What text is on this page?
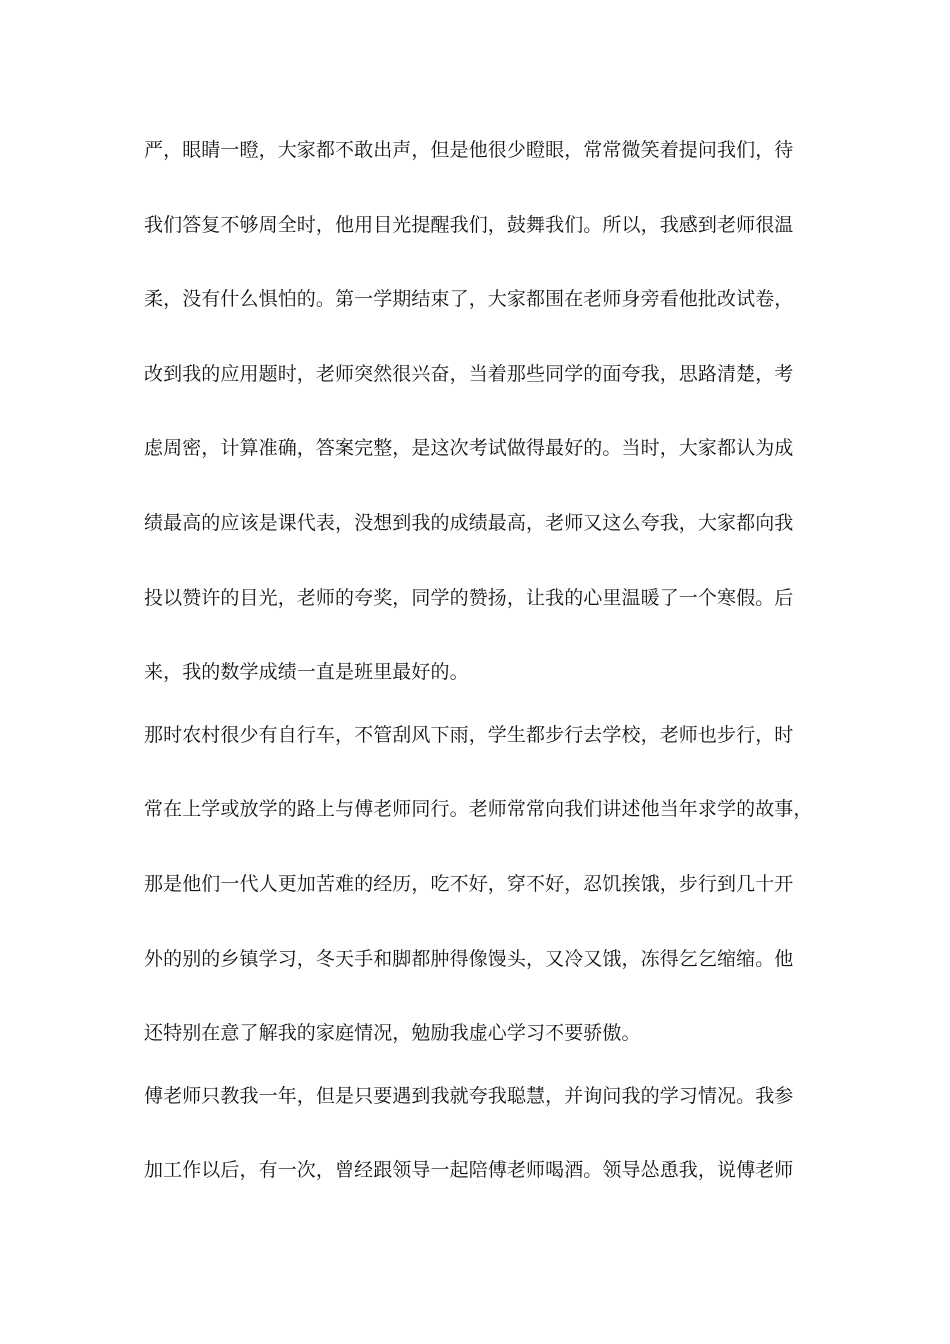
严，眼睛一瞪，大家都不敢出声，但是他很少瞪眼，常常微笑着提问我们，待
我们答复不够周全时，他用目光提醒我们，鼓舞我们。所以，我感到老师很温
柔，没有什么惧怕的。第一学期结束了，大家都围在老师身旁看他批改试卷，
改到我的应用题时，老师突然很兴奋，当着那些同学的面夸我，思路清楚，考
虑周密，计算准确，答案完整，是这次考试做得最好的。当时，大家都认为成
绩最高的应该是课代表，没想到我的成绩最高，老师又这么夸我，大家都向我
投以赞许的目光，老师的夸奖，同学的赞扬，让我的心里温暖了一个寒假。后
来，我的数学成绩一直是班里最好的。
那时农村很少有自行车，不管刮风下雨，学生都步行去学校，老师也步行，时
常在上学或放学的路上与傅老师同行。老师常常向我们讲述他当年求学的故事，
那是他们一代人更加苦难的经历，吃不好，穿不好，忍饥挨饿，步行到几十开
外的别的乡镇学习，冬天手和脚都肿得像馒头，又冷又饿，冻得乞乞缩缩。他
还特别在意了解我的家庭情况，勉励我虚心学习不要骄傲。
傅老师只教我一年，但是只要遇到我就夸我聪慧，并询问我的学习情况。我参
加工作以后，有一次，曾经跟领导一起陪傅老师喝酒。领导怂恿我，说傅老师
